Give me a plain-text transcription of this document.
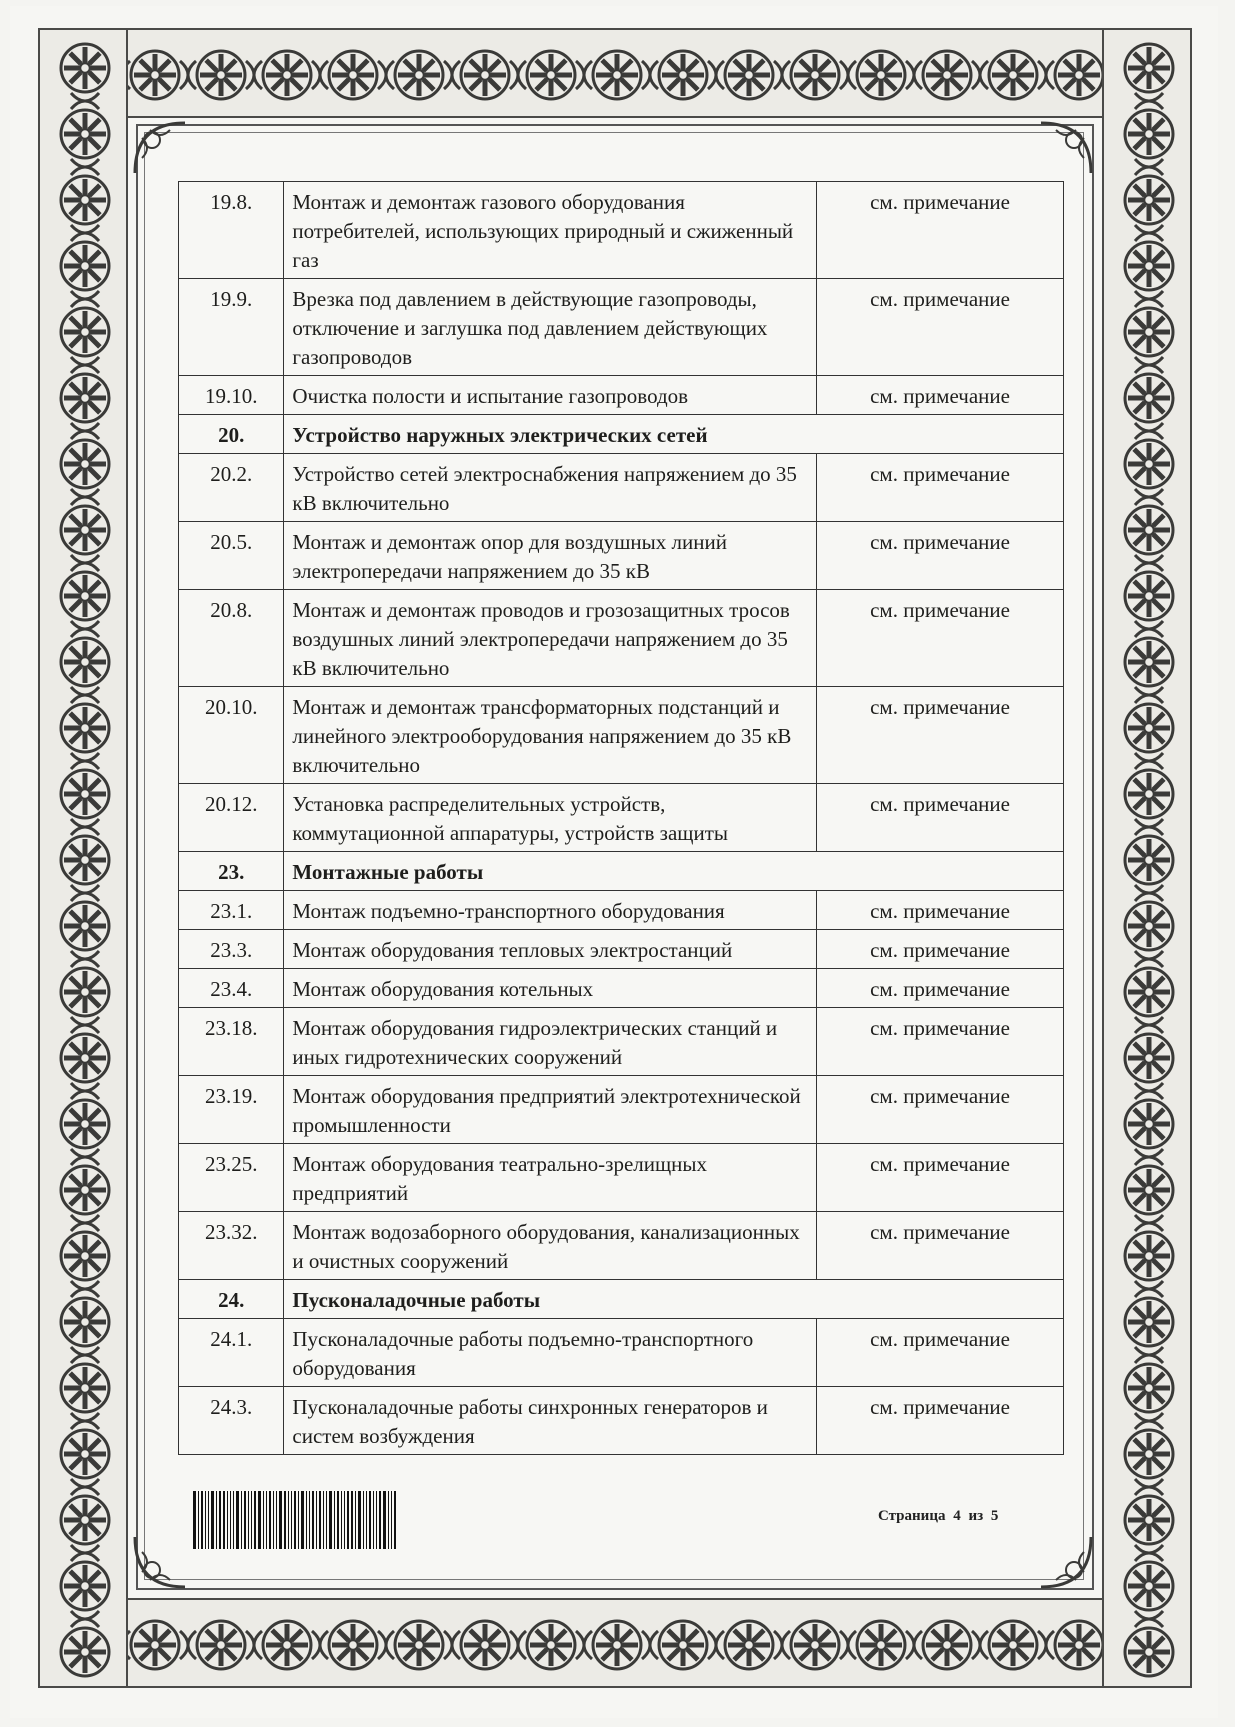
19.8.	Монтаж и демонтаж газового оборудования потребителей, использующих природный и сжиженный газ	см. примечание
19.9.	Врезка под давлением в действующие газопроводы, отключение и заглушка под давлением действующих газопроводов	см. примечание
19.10.	Очистка полости и испытание газопроводов	см. примечание
20.	Устройство наружных электрических сетей	
20.2.	Устройство сетей электроснабжения напряжением до 35 кВ включительно	см. примечание
20.5.	Монтаж и демонтаж опор для воздушных линий электропередачи напряжением до 35 кВ	см. примечание
20.8.	Монтаж и демонтаж проводов и грозозащитных тросов воздушных линий электропередачи напряжением до 35 кВ включительно	см. примечание
20.10.	Монтаж и демонтаж трансформаторных подстанций и линейного электрооборудования напряжением до 35 кВ включительно	см. примечание
20.12.	Установка распределительных устройств, коммутационной аппаратуры, устройств защиты	см. примечание
23.	Монтажные работы	
23.1.	Монтаж подъемно-транспортного оборудования	см. примечание
23.3.	Монтаж оборудования тепловых электростанций	см. примечание
23.4.	Монтаж оборудования котельных	см. примечание
23.18.	Монтаж оборудования гидроэлектрических станций и иных гидротехнических сооружений	см. примечание
23.19.	Монтаж оборудования предприятий электротехнической промышленности	см. примечание
23.25.	Монтаж оборудования театрально-зрелищных предприятий	см. примечание
23.32.	Монтаж водозаборного оборудования, канализационных и очистных сооружений	см. примечание
24.	Пусконаладочные работы	
24.1.	Пусконаладочные работы подъемно-транспортного оборудования	см. примечание
24.3.	Пусконаладочные работы синхронных генераторов и систем возбуждения	см. примечание
Страница 4 из 5
